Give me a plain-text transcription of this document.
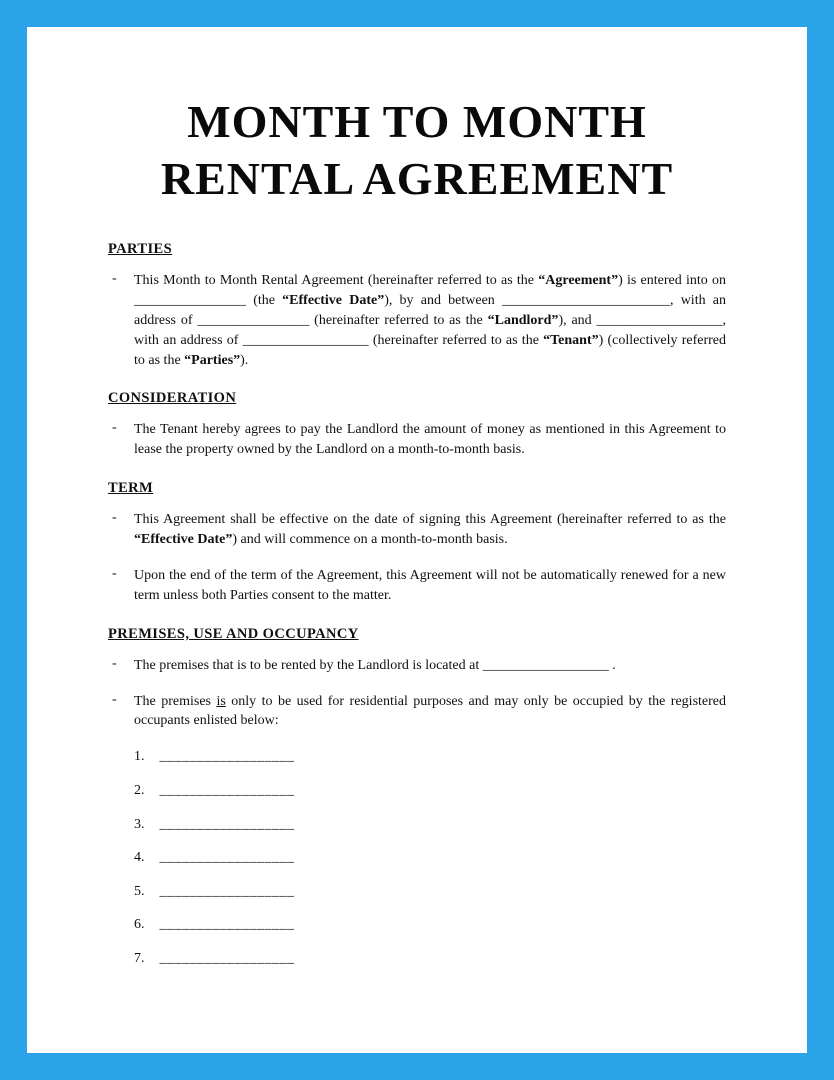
MONTH TO MONTH
RENTAL AGREEMENT
PARTIES
-	This Month to Month Rental Agreement (hereinafter referred to as the “Agreement”) is entered into on ________________ (the “Effective Date”), by and between ________________________, with an address of ________________ (hereinafter referred to as the “Landlord”), and __________________, with an address of __________________ (hereinafter referred to as the “Tenant”) (collectively referred to as the “Parties”).
CONSIDERATION
-	The Tenant hereby agrees to pay the Landlord the amount of money as mentioned in this Agreement to lease the property owned by the Landlord on a month-to-month basis.
TERM
-	This Agreement shall be effective on the date of signing this Agreement (hereinafter referred to as the “Effective Date”) and will commence on a month-to-month basis.
-	Upon the end of the term of the Agreement, this Agreement will not be automatically renewed for a new term unless both Parties consent to the matter.
PREMISES, USE AND OCCUPANCY
-	The premises that is to be rented by the Landlord is located at __________________ .
-	The premises is only to be used for residential purposes and may only be occupied by the registered occupants enlisted below:
1. __________________
2. __________________
3. __________________
4. __________________
5. __________________
6. __________________
7. __________________
